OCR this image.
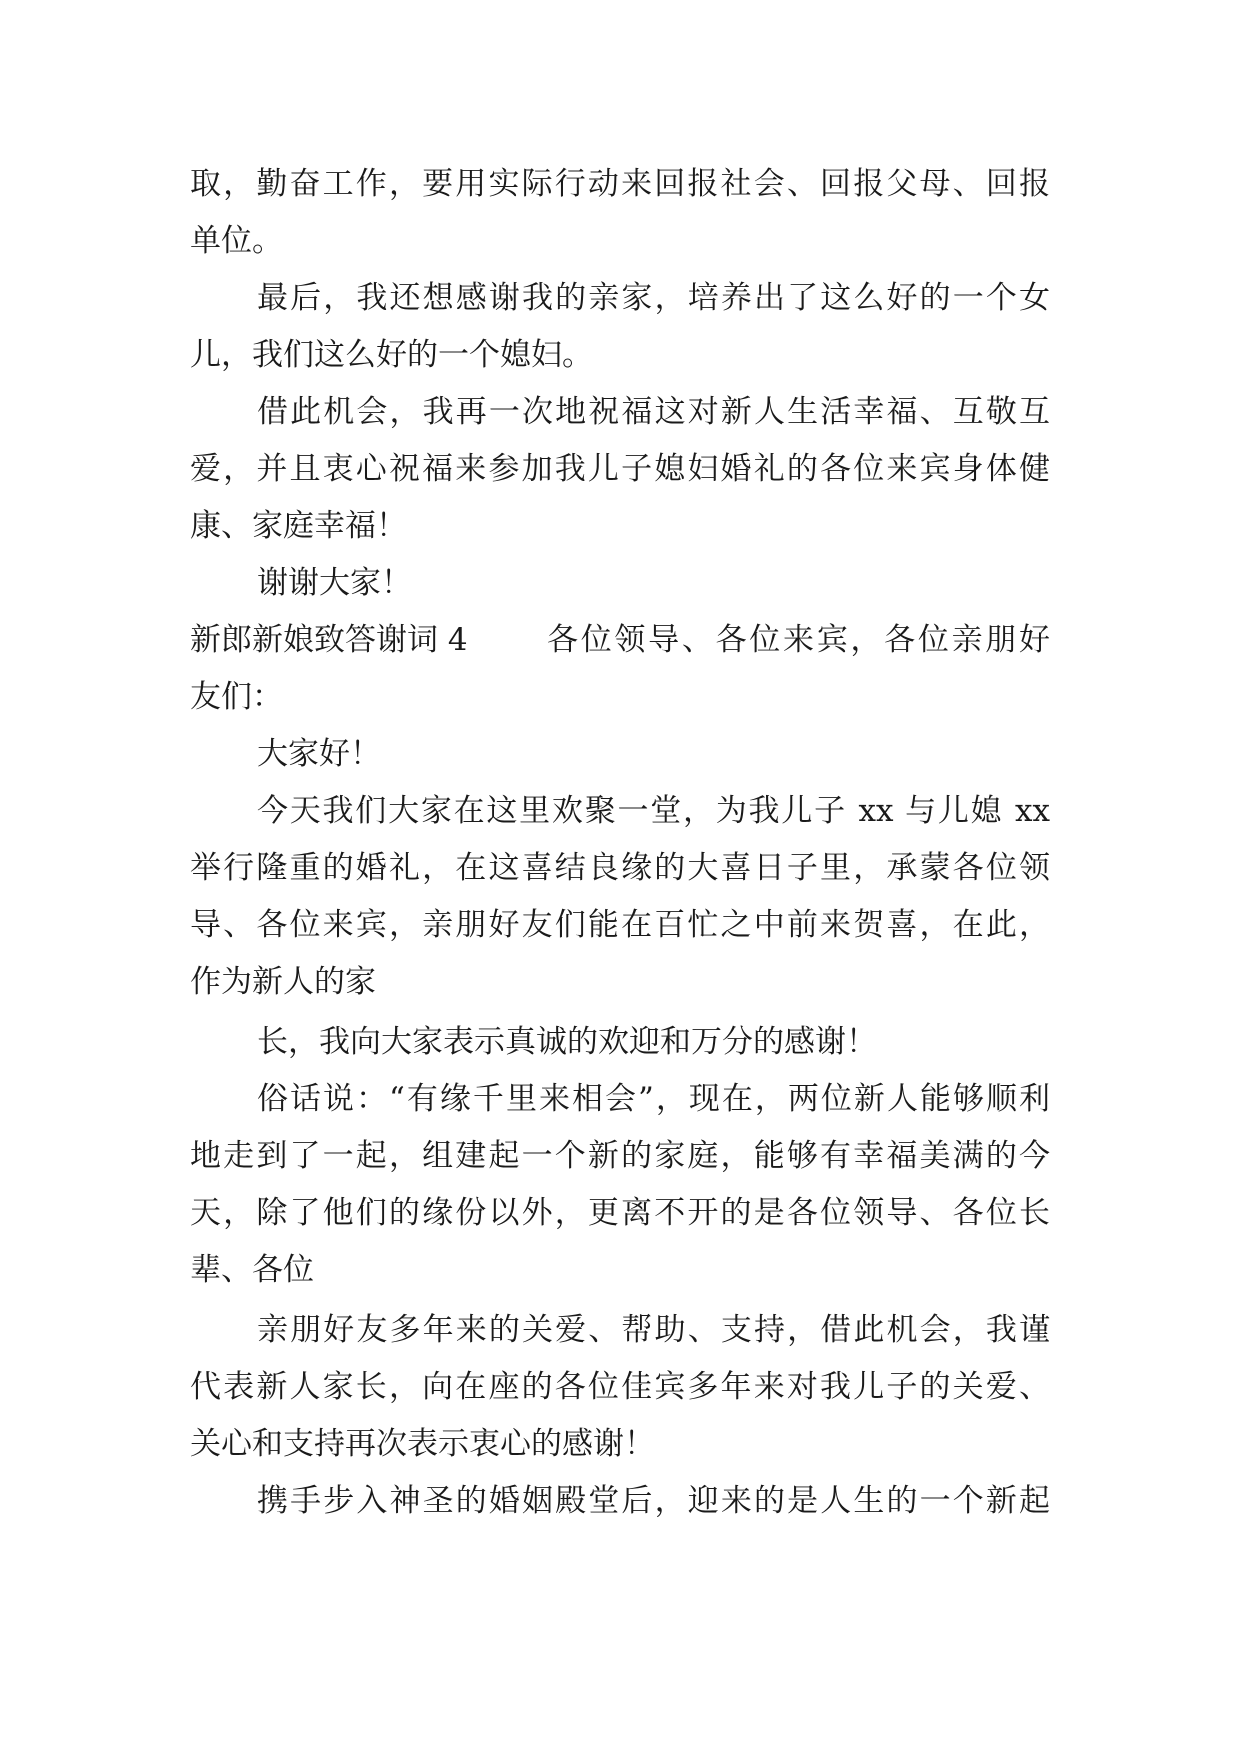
取，勤奋工作，要用实际行动来回报社会、回报父母、回报
单位。
最后，我还想感谢我的亲家，培养出了这么好的一个女
儿，我们这么好的一个媳妇。
借此机会，我再一次地祝福这对新人生活幸福、互敬互
爱，并且衷心祝福来参加我儿子媳妇婚礼的各位来宾身体健
康、家庭幸福！
谢谢大家！
新郎新娘致答谢词 4	各位领导、各位来宾，各位亲朋好
友们：
大家好！
今天我们大家在这里欢聚一堂，为我儿子 xx 与儿媳 xx
举行隆重的婚礼，在这喜结良缘的大喜日子里，承蒙各位领
导、各位来宾，亲朋好友们能在百忙之中前来贺喜，在此，
作为新人的家
长，我向大家表示真诚的欢迎和万分的感谢！
俗话说：“有缘千里来相会”，现在，两位新人能够顺利
地走到了一起，组建起一个新的家庭，能够有幸福美满的今
天，除了他们的缘份以外，更离不开的是各位领导、各位长
辈、各位
亲朋好友多年来的关爱、帮助、支持，借此机会，我谨
代表新人家长，向在座的各位佳宾多年来对我儿子的关爱、
关心和支持再次表示衷心的感谢！
携手步入神圣的婚姻殿堂后，迎来的是人生的一个新起
